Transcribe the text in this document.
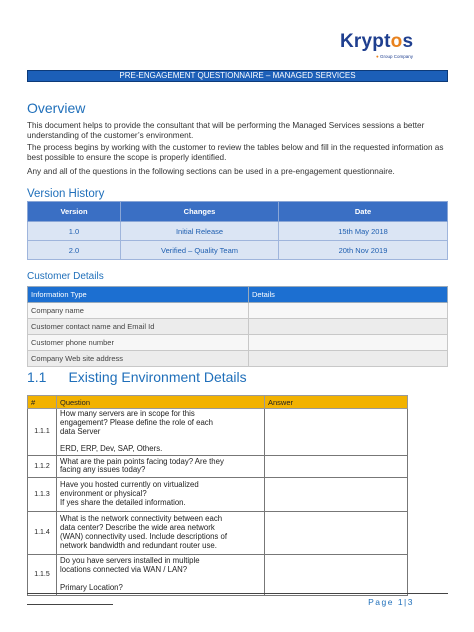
Kryptos
● Group Company
PRE-ENGAGEMENT QUESTIONNAIRE – MANAGED SERVICES
Overview

This document helps to provide the consultant that will be performing the Managed Services sessions a better understanding of the customer’s environment.

The process begins by working with the customer to review the tables below and fill in the requested information as best possible to ensure the scope is properly identified.

Any and all of the questions in the following sections can be used in a pre-engagement questionnaire.

Version History
Version	Changes	Date
1.0	Initial Release	15th May 2018
2.0	Verified – Quality Team	20th Nov 2019
Customer Details
Information Type	Details
Company name	
Customer contact name and Email Id	
Customer phone number	
Company Web site address	
1.1 Existing Environment Details
#	Question	Answer
1.1.1	How many servers are in scope for this
engagement? Please define the role of each
data Server
ERD, ERP, Dev, SAP, Others.	

1.1.2	What are the pain points facing today? Are they
facing any issues today?	

1.1.3	Have you hosted currently on virtualized
environment or physical?
If yes share the detailed information.	

1.1.4	What is the network connectivity between each
data center? Describe the wide area network
(WAN) connectivity used. Include descriptions of
network bandwidth and redundant router use.	

1.1.5	Do you have servers installed in multiple
locations connected via WAN / LAN?
Primary Location?	

Page 1|3
